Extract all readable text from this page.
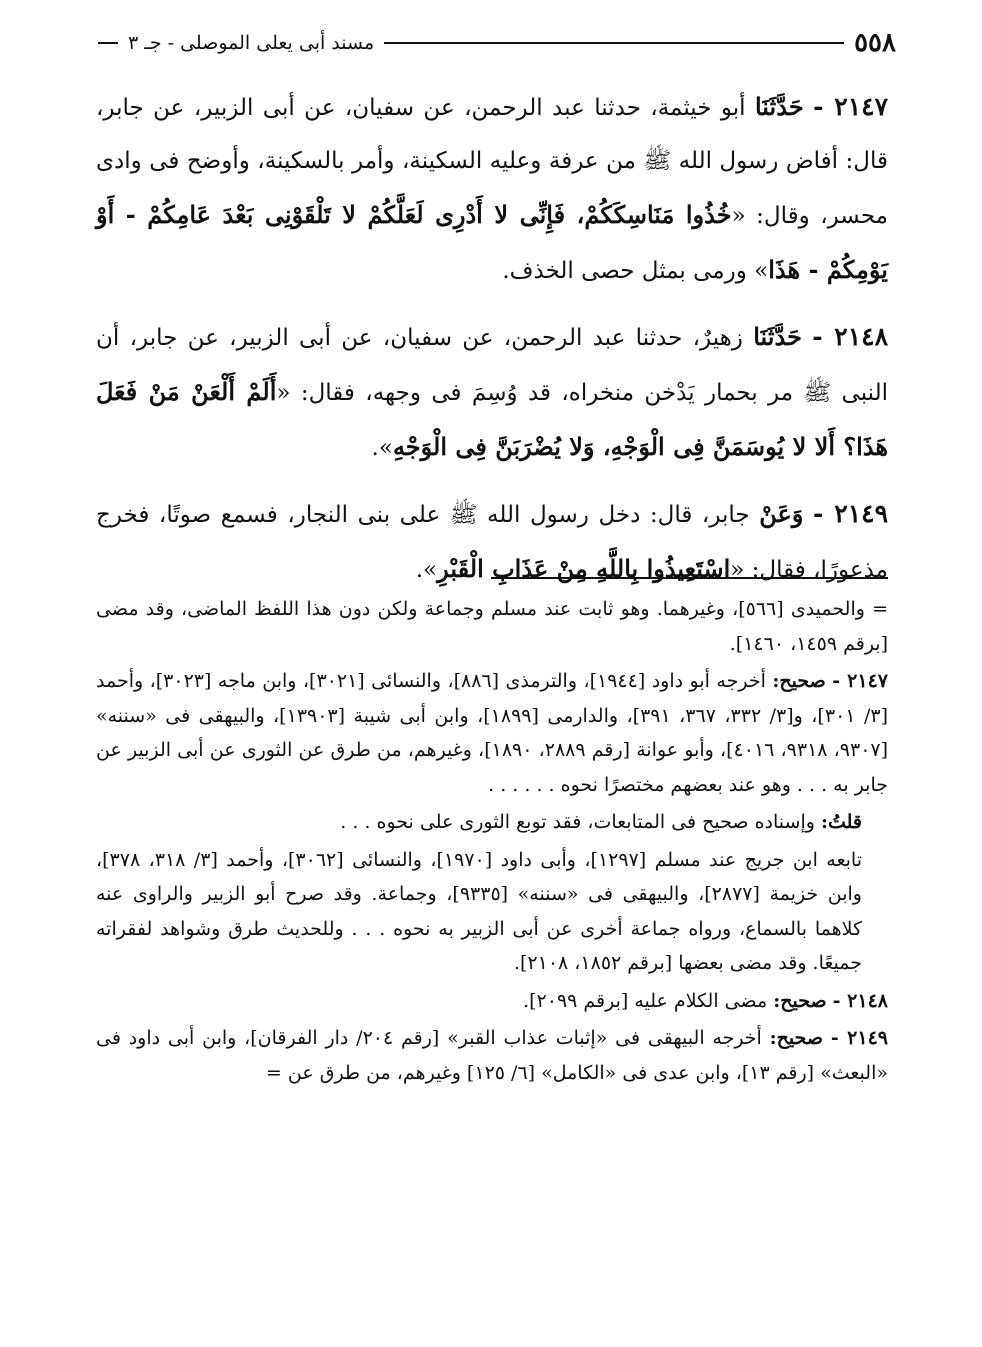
٥٥٨
مسند أبى يعلى الموصلى - جـ ٣

٢١٤٧ - حَدَّثَنَا أبو خيثمة، حدثنا عبد الرحمن، عن سفيان، عن أبى الزبير، عن جابر، قال: أفاض رسول الله ﷺ من عرفة وعليه السكينة، وأمر بالسكينة، وأوضح فى وادى محسر، وقال: «خُذُوا مَنَاسِكَكُمْ، فَإِنِّى لا أَدْرِى لَعَلَّكُمْ لا تَلْقَوْنِى بَعْدَ عَامِكُمْ - أَوْ يَوْمِكُمْ - هَذَا» ورمى بمثل حصى الخذف.

٢١٤٨ - حَدَّثَنَا زهيرٌ، حدثنا عبد الرحمن، عن سفيان، عن أبى الزبير، عن جابر، أن النبى ﷺ مر بحمار يَدْخن منخراه، قد وُسِمَ فى وجهه، فقال: «أَلَمْ أَلْعَنْ مَنْ فَعَلَ هَذَا؟ أَلا لا يُوسَمَنَّ فِى الْوَجْهِ، وَلا يُضْرَبَنَّ فِى الْوَجْهِ».

٢١٤٩ - وَعَنْ جابر، قال: دخل رسول الله ﷺ على بنى النجار، فسمع صوتًا، فخرج مذعورًا، فقال: «اسْتَعِيذُوا بِاللَّهِ مِنْ عَذَابِ الْقَبْرِ».

= والحميدى [٥٦٦]، وغيرهما. وهو ثابت عند مسلم وجماعة ولكن دون هذا اللفظ الماضى، وقد مضى [برقم ١٤٥٩، ١٤٦٠].

٢١٤٧ - صحيح: أخرجه أبو داود [١٩٤٤]، والترمذى [٨٨٦]، والنسائى [٣٠٢١]، وابن ماجه [٣٠٢٣]، وأحمد [٣/ ٣٠١]، و[٣/ ٣٣٢، ٣٦٧، ٣٩١]، والدارمى [١٨٩٩]، وابن أبى شيبة [١٣٩٠٣]، والبيهقى فى «سننه» [٩٣٠٧، ٩٣١٨، ٤٠١٦]، وأبو عوانة [رقم ٢٨٨٩، ١٨٩٠]، وغيرهم، من طرق عن الثورى عن أبى الزبير عن جابر به . . . وهو عند بعضهم مختصرًا نحوه . . . . . .

قلتُ: وإسناده صحيح فى المتابعات، فقد توبع الثورى على نحوه . . .

تابعه ابن جريج عند مسلم [١٢٩٧]، وأبى داود [١٩٧٠]، والنسائى [٣٠٦٢]، وأحمد [٣/ ٣١٨، ٣٧٨]، وابن خزيمة [٢٨٧٧]، والبيهقى فى «سننه» [٩٣٣٥]، وجماعة. وقد صرح أبو الزبير والراوى عنه كلاهما بالسماع، ورواه جماعة أخرى عن أبى الزبير به نحوه . . . وللحديث طرق وشواهد لفقراته جميعًا. وقد مضى بعضها [برقم ١٨٥٢، ٢١٠٨].

٢١٤٨ - صحيح: مضى الكلام عليه [برقم ٢٠٩٩].

٢١٤٩ - صحيح: أخرجه البيهقى فى «إثبات عذاب القبر» [رقم ٢٠٤/ دار الفرقان]، وابن أبى داود فى «البعث» [رقم ١٣]، وابن عدى فى «الكامل» [٦/ ١٢٥] وغيرهم، من طرق عن =
